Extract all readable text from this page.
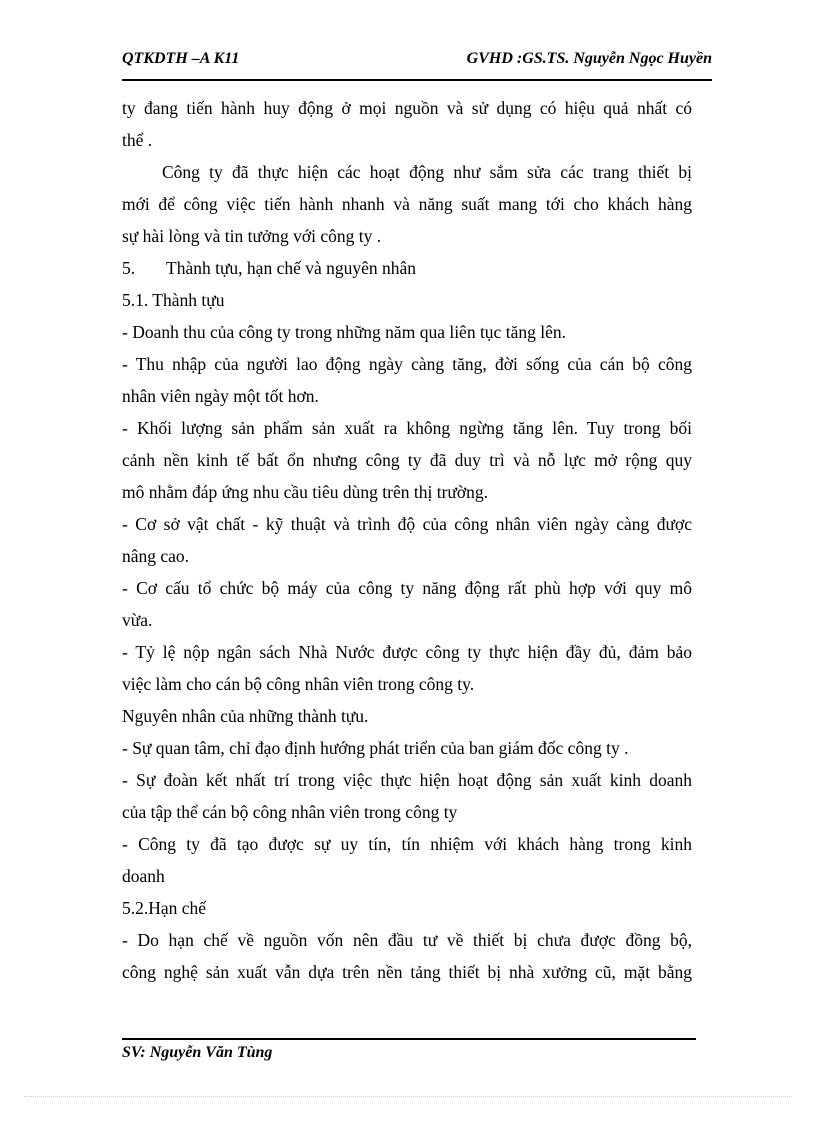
QTKDTH –A K11	GVHD :GS.TS. Nguyễn Ngọc Huyền
ty đang tiến hành huy động ở mọi nguồn và sử dụng có hiệu quả nhất có
thể .
Công ty đã thực hiện các hoạt động như sắm sửa các trang thiết bị
mới để công việc tiến hành nhanh và năng suất mang tới cho khách hàng
sự hài lòng và tin tưởng với công ty .
5. Thành tựu, hạn chế và nguyên nhân
5.1. Thành tựu
- Doanh thu của công ty trong những năm qua liên tục tăng lên.
- Thu nhập của người lao động ngày càng tăng, đời sống của cán bộ công
nhân viên ngày một tốt hơn.
- Khối lượng sản phẩm sản xuất ra không ngừng tăng lên. Tuy trong bối
cảnh nền kinh tế bất ổn nhưng công ty đã duy trì và nỗ lực mở rộng quy
mô nhằm đáp ứng nhu cầu tiêu dùng trên thị trường.
- Cơ sở vật chất - kỹ thuật và trình độ của công nhân viên ngày càng được
nâng cao.
- Cơ cấu tổ chức bộ máy của công ty năng động rất phù hợp với quy mô
vừa.
- Tỷ lệ nộp ngân sách Nhà Nước được công ty thực hiện đầy đủ, đảm bảo
việc làm cho cán bộ công nhân viên trong công ty.
Nguyên nhân của những thành tựu.
- Sự quan tâm, chỉ đạo định hướng phát triển của ban giám đốc công ty .
- Sự đoàn kết nhất trí trong việc thực hiện hoạt động sản xuất kinh doanh
của tập thể cán bộ công nhân viên trong công ty
- Công ty đã tạo được sự uy tín, tín nhiệm với khách hàng trong kinh
doanh
5.2.Hạn chế
- Do hạn chế về nguồn vốn nên đầu tư về thiết bị chưa được đồng bộ,
công nghệ sản xuất vẫn dựa trên nền tảng thiết bị nhà xưởng cũ, mặt bằng
SV: Nguyễn Văn Tùng
